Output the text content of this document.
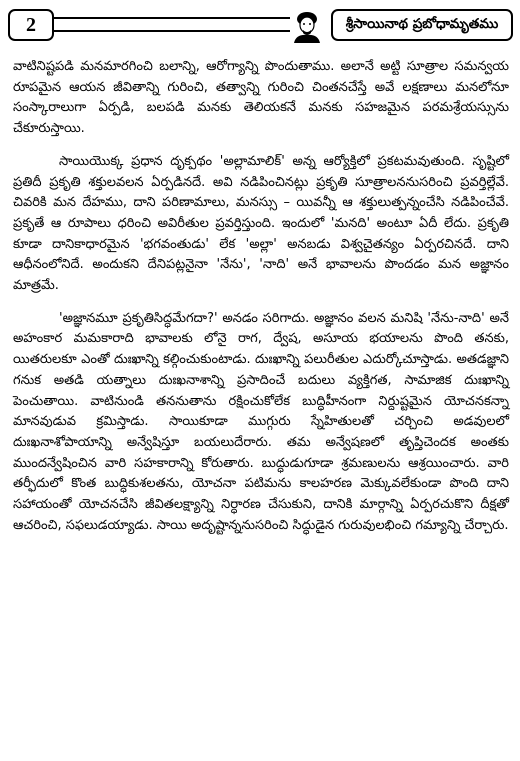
2	శ్రీసాయినాథ ప్రబోధామృతము

వాటినిష్టపడి మనమారగించి బలాన్ని, ఆరోగ్యాన్ని పొందుతాము. అలానే అట్టి సూత్రాల సమన్వయ రూపమైన ఆయన జీవితాన్ని గురించి, తత్వాన్ని గురించి చింతనచేస్తే అవే లక్షణాలు మనలోనూ సంస్కారాలుగా ఏర్పడి, బలపడి మనకు తెలియకనే మనకు సహజమైన పరమశ్రేయస్సును చేకూరుస్తాయి.

సాయియొక్క ప్రధాన దృక్పథం 'అల్లామాలిక్' అన్న ఆర్యోక్తిలో ప్రకటమవుతుంది. సృష్టిలో ప్రతిదీ ప్రకృతి శక్తులవలన ఏర్పడినదే. అవి నడిపించినట్లు ప్రకృతి సూత్రాలననుసరించి ప్రవర్తిల్లేవే. చివరికి మన దేహము, దాని పరిణామాలు, మనస్సు – యివన్నీ ఆ శక్తులుత్పన్నంచేసి నడిపించేవే. ప్రకృతే ఆ రూపాలు ధరించి అవిరీతుల ప్రవర్తిస్తుంది. ఇందులో 'మనది' అంటూ ఏదీ లేదు. ప్రకృతి కూడా దానికాధారమైన 'భగవంతుడు' లేక 'అల్లా' అనబడు విశ్వచైతన్యం ఏర్పరచినదే. దాని ఆధీనంలోనిదే. అందుకని దేనిపట్లనైనా 'నేను', 'నాది' అనే భావాలను పొందడం మన అజ్ఞానం మాత్రమే.

'అజ్ఞానమూ ప్రకృతిసిద్ధమేగదా?' అనడం సరిగాదు. అజ్ఞానం వలన మనిషి 'నేను-నాది' అనే అహంకార మమకారాది భావాలకు లోనై రాగ, ద్వేష, అసూయ భయాలను పొంది తనకు, యితరులకూ ఎంతో దుఃఖాన్ని కల్గించుకుంటాడు. దుఃఖాన్ని పలురీతుల ఎదుర్కోచూస్తాడు. అతడజ్ఞాని గనుక అతడి యత్నాలు దుఃఖనాశాన్ని ప్రసాదించే బదులు వ్యక్తిగత, సామాజిక దుఃఖాన్ని పెంచుతాయి. వాటినుండి తననుతాను రక్షించుకోలేక బుద్ధిహీనంగా నిర్దుష్టమైన యోచనకన్నా మానవుడువ క్రమిస్తాడు. సాయికూడా ముగ్గురు స్నేహితులతో చర్చించి అడవులలో దుఃఖనాశోపాయాన్ని అన్వేషిస్తూ బయలుదేరారు. తమ అన్వేషణలో తృప్తిచెందక అంతకు ముందన్వేషించిన వారి సహకారాన్ని కోరుతారు. బుద్ధుడుగూడా శ్రమణులను ఆశ్రయించారు. వారి తర్ఫీదులో కొంత బుద్ధికుశలతను, యోచనా పటిమను కాలహరణ మెక్కువలేకుండా పొంది దాని సహాయంతో యోచనచేసి జీవితలక్ష్యాన్ని నిర్ధారణ చేసుకుని, దానికి మార్గాన్ని ఏర్పరచుకొని దీక్షతో ఆచరించి, సఫలుడయ్యాడు. సాయి అదృష్టాన్ననుసరించి సిద్ధుడైన గురువులభించి గమ్యాన్ని చేర్చారు.
